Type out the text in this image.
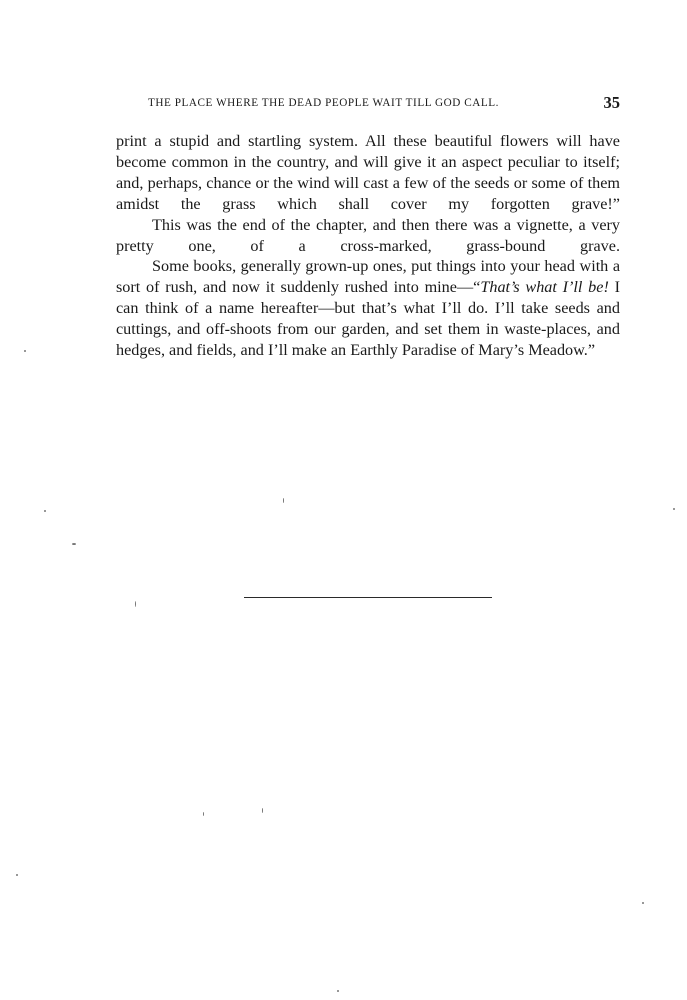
THE PLACE WHERE THE DEAD PEOPLE WAIT TILL GOD CALL.	35

print a stupid and startling system. All these beautiful flowers will have become common in the country, and will give it an aspect peculiar to itself; and, perhaps, chance or the wind will cast a few of the seeds or some of them amidst the grass which shall cover my forgotten grave!”

This was the end of the chapter, and then there was a vignette, a very pretty one, of a cross-marked, grass-bound grave.

Some books, generally grown-up ones, put things into your head with a sort of rush, and now it suddenly rushed into mine—“That’s what I’ll be! I can think of a name hereafter—but that’s what I’ll do. I’ll take seeds and cuttings, and off-shoots from our garden, and set them in waste-places, and hedges, and fields, and I’ll make an Earthly Paradise of Mary’s Meadow.”
